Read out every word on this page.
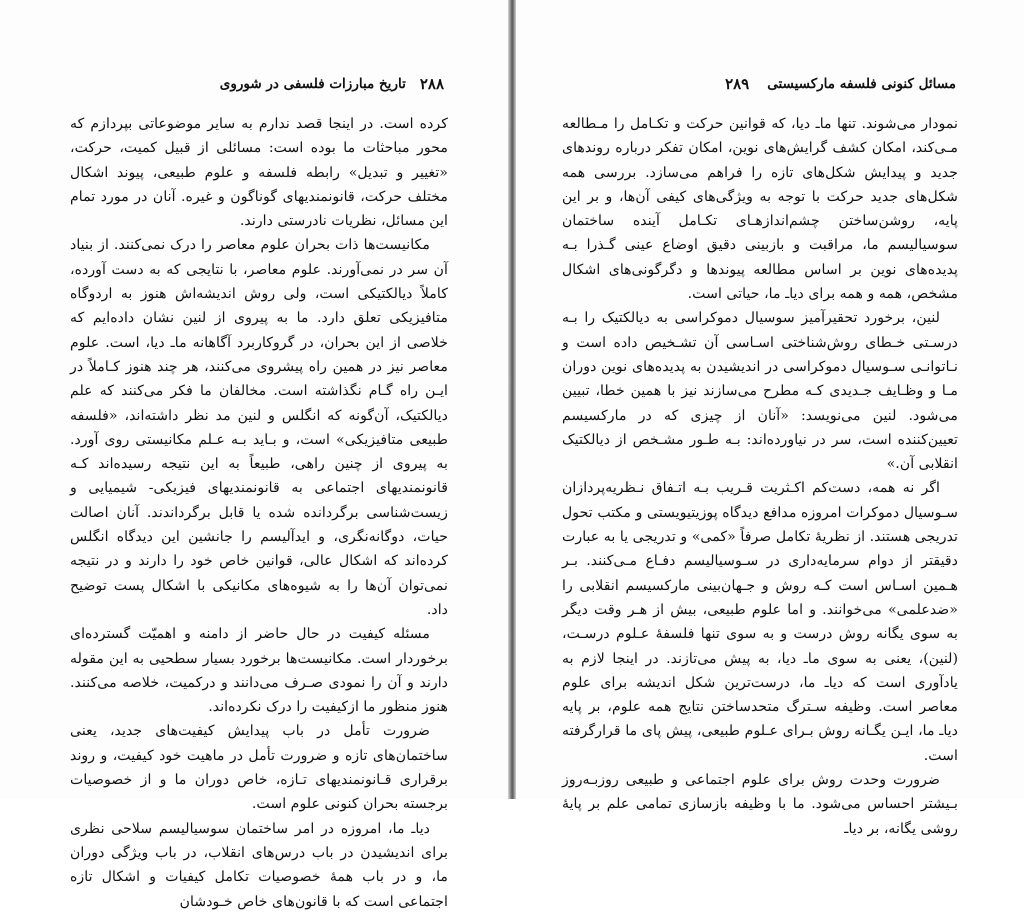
۲۸۸
تاریخ مبارزات فلسفی در شوروی

کرده است. در اینجا قصد ندارم به سایر موضوعاتی بپردازم که محور مباحثات ما بوده است: مسائلی از قبیل کمیت، حرکت، «تغییر و تبدیل» رابطه فلسفه و علوم طبیعی، پیوند اشکال مختلف حرکت، قانونمندیهای گوناگون و غیره. آنان در مورد تمام این مسائل، نظریات نادرستی دارند.

مکانیست‌ها ذات بحران علوم معاصر را درک نمی‌کنند. از بنیاد آن سر در نمی‌آورند. علوم معاصر، با نتایجی که به دست آورده، کاملاً دیالکتیکی است، ولی روش اندیشه‌اش هنوز به اردوگاه متافیزیکی تعلق دارد. ما به پیروی از لنین نشان داده‌ایم که خلاصی از این بحران، در گروکاربرد آگاهانه ماـ دیا، است. علوم معاصر نیز در همین راه پیشروی می‌کنند، هر چند هنوز کـاملاً در ایـن راه گـام نگذاشته است. مخالفان ما فکر می‌کنند که علم دیالکتیک، آن‌گونه که انگلس و لنین مد نظر داشته‌اند، «فلسفه طبیعی متافیزیکی» است، و بـاید بـه عـلم مکانیستی روی آورد. به پیروی از چنین راهی، طبیعاً به این نتیجه رسیده‌اند کـه قانونمندیهای اجتماعی به قانونمندیهای فیزیکی- شیمیایی و زیست‌شناسی برگردانده شده یا قابل برگرداندند. آنان اصالت حیات، دوگانه‌نگری، و ایدآلیسم را جانشین این دیدگاه انگلس کرده‌اند که اشکال عالی، قوانین خاص خود را دارند و در نتیجه نمی‌توان آن‌ها را به شیوه‌های مکانیکی با اشکال پست توضیح داد.

مسئله کیفیت در حال حاضر از دامنه و اهمیّت گسترده‌ای برخوردار است. مکانیست‌ها برخورد بسیار سطحیی به این مقوله دارند و آن را نمودی صـرف می‌دانند و درکمیت، خلاصه می‌کنند. هنوز منظور ما ازکیفیت را درک نکرده‌اند.

ضرورت تأمل در باب پیدایش کیفیت‌های جدید، یعنی ساختمان‌های تازه و ضرورت تأمل در ماهیت خود کیفیت، و روند برقراری قـانونمندیهای تـازه، خاص دوران ما و از خصوصیات برجسته بحران کنونی علوم است.

دیاـ ما، امروزه در امر ساختمان سوسیالیسم سلاحی نظری برای اندیشیدن در باب درس‌های انقلاب، در باب ویژگی دوران ما، و در باب همهٔ خصوصیات تکامل کیفیات و اشکال تازه اجتماعی است که با قانون‌های خاص خـودشان

مسائل کنونی فلسفه مارکسیستی
۲۸۹

نمودار می‌شوند. تنها ماـ دیا، که قوانین حرکت و تکـامل را مـطالعه مـی‌کند، امکان کشف گرایش‌های نوین، امکان تفکر درباره روندهای جدید و پیدایش شکل‌های تازه را فراهم می‌سازد. بررسی همه شکل‌های جدید حرکت با توجه به ویژگی‌های کیفی آن‌ها، و بر این پایه، روشن‌ساختن چشم‌اندازهـای تکـامل آینده ساختمان سوسیالیسم ما، مراقبت و بازبینی دقیق اوضاع عینی گـذرا بـه پدیده‌های نوین بر اساس مطالعه پیوندها و دگرگونی‌های اشکال مشخص، همه و همه برای دیاـ ما، حیاتی است.

لنین، برخورد تحقیرآمیز سوسیال دموکراسی به دیالکتیک را بـه درسـتی خـطای روش‌شناختی اسـاسی آن تشـخیص داده است و نـاتوانـی سـوسیال دموکراسی در اندیشیدن به پدیده‌های نوین دوران مـا و وظـایف جـدیدی کـه مطرح می‌سازند نیز با همین خطا، تبیین می‌شود. لنین می‌نویسد: «آنان از چیزی که در مارکسیسم تعیین‌کننده است، سر در نیاورده‌اند: بـه طـور مشـخص از دیالکتیک انقلابی آن.»

اگر نه همه، دست‌کم اکـثریت قـریب بـه اتـفاق نـظریه‌پردازان سـوسیال دموکرات امروزه مدافع دیدگاه پوزیتیویستی و مکتب تحول تدریجی هستند. از نظریهٔ تکامل صرفاً «کمی» و تدریجی یا به عبارت دقیقتر از دوام سرمایه‌داری در سـوسیالیسم دفـاع مـی‌کنند. بـر هـمین اسـاس است کـه روش و جـهان‌بینی مارکسیسم انقلابی را «ضدعلمی» می‌خوانند. و اما علوم طبیعی، بیش از هـر وقت دیگر به سوی یگانه روش درست و به سوی تنها فلسفهٔ عـلوم درسـت، (لنین)، یعنی به سوی ماـ دیا، به پیش می‌تازند. در اینجا لازم به یادآوری است که دیاـ ما، درست‌ترین شکل اندیشه برای علوم معاصر است. وظیفه سـترگ متحدساختن نتایج همه علوم، بر پایه دیاـ ما، ایـن یگـانه روش بـرای عـلوم طبیعی، پیش پای ما قرارگرفته است.

ضرورت وحدت روش برای علوم اجتماعی و طبیعی روزبـه‌روز بـیشتر احساس می‌شود. ما با وظیفه بازسازی تمامی علم بر پایهٔ روشی یگانه، بر دیاـ
